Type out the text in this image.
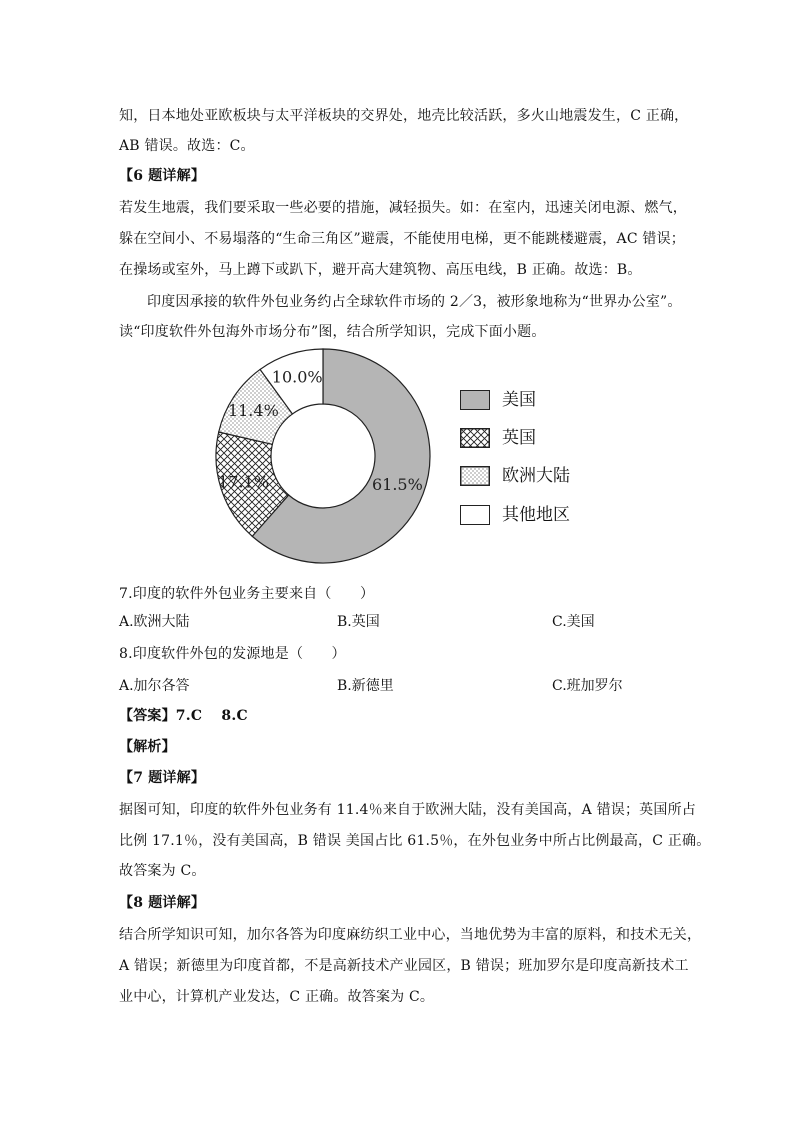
知，日本地处亚欧板块与太平洋板块的交界处，地壳比较活跃，多火山地震发生，C 正确，
AB 错误。故选：C。
【6 题详解】
若发生地震，我们要采取一些必要的措施，减轻损失。如：在室内，迅速关闭电源、燃气，
躲在空间小、不易塌落的“生命三角区”避震，不能使用电梯，更不能跳楼避震，AC 错误；
在操场或室外，马上蹲下或趴下，避开高大建筑物、高压电线，B 正确。故选：B。
印度因承接的软件外包业务约占全球软件市场的 2／3，被形象地称为“世界办公室”。
读“印度软件外包海外市场分布”图，结合所学知识，完成下面小题。
61.5%
17.1%
11.4%
10.0%
美国
英国
欧洲大陆
其他地区
7.印度的软件外包业务主要来自（　　）
A.欧洲大陆	B.英国	C.美国
8.印度软件外包的发源地是（　　）
A.加尔各答	B.新德里	C.班加罗尔
【答案】7.C　 8.C
【解析】
【7 题详解】
据图可知，印度的软件外包业务有 11.4％来自于欧洲大陆，没有美国高，A 错误；英国所占
比例 17.1％，没有美国高，B 错误 美国占比 61.5％，在外包业务中所占比例最高，C 正确。
故答案为 C。
【8 题详解】
结合所学知识可知，加尔各答为印度麻纺织工业中心，当地优势为丰富的原料，和技术无关，
A 错误；新德里为印度首都，不是高新技术产业园区，B 错误；班加罗尔是印度高新技术工
业中心，计算机产业发达，C 正确。故答案为 C。
